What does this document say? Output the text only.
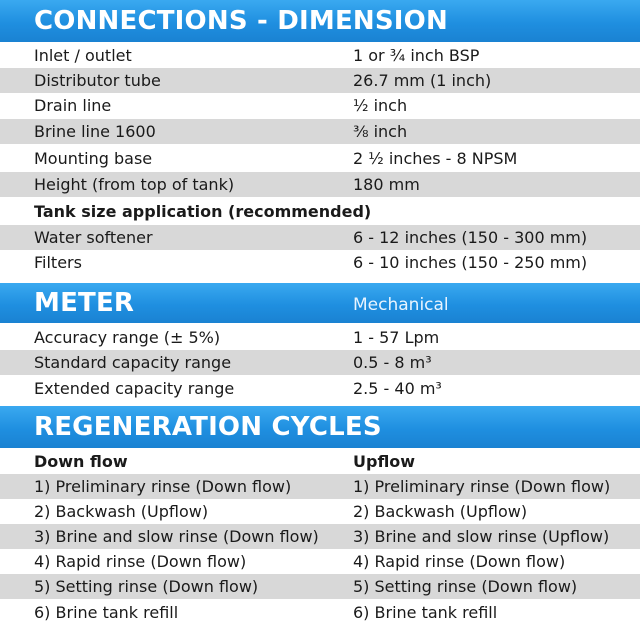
CONNECTIONS - DIMENSION
Inlet / outlet	1 or ¾ inch BSP
Distributor tube	26.7 mm (1 inch)
Drain line	½ inch
Brine line 1600	⅜ inch
Mounting base	2 ½ inches - 8 NPSM
Height (from top of tank)	180 mm
Tank size application (recommended)
Water softener	6 - 12 inches (150 - 300 mm)
Filters	6 - 10 inches (150 - 250 mm)
METER	Mechanical
Accuracy range (± 5%)	1 - 57 Lpm
Standard capacity range	0.5 - 8 m³
Extended capacity range	2.5 - 40 m³
REGENERATION CYCLES
Down flow	Upflow
1) Preliminary rinse (Down flow)	1) Preliminary rinse (Down flow)
2) Backwash (Upflow)	2) Backwash (Upflow)
3) Brine and slow rinse (Down flow) 3) Brine and slow rinse (Upflow)
4) Rapid rinse (Down flow)	4) Rapid rinse (Down flow)
5) Setting rinse (Down flow)	5) Setting rinse (Down flow)
6) Brine tank refill	6) Brine tank refill
